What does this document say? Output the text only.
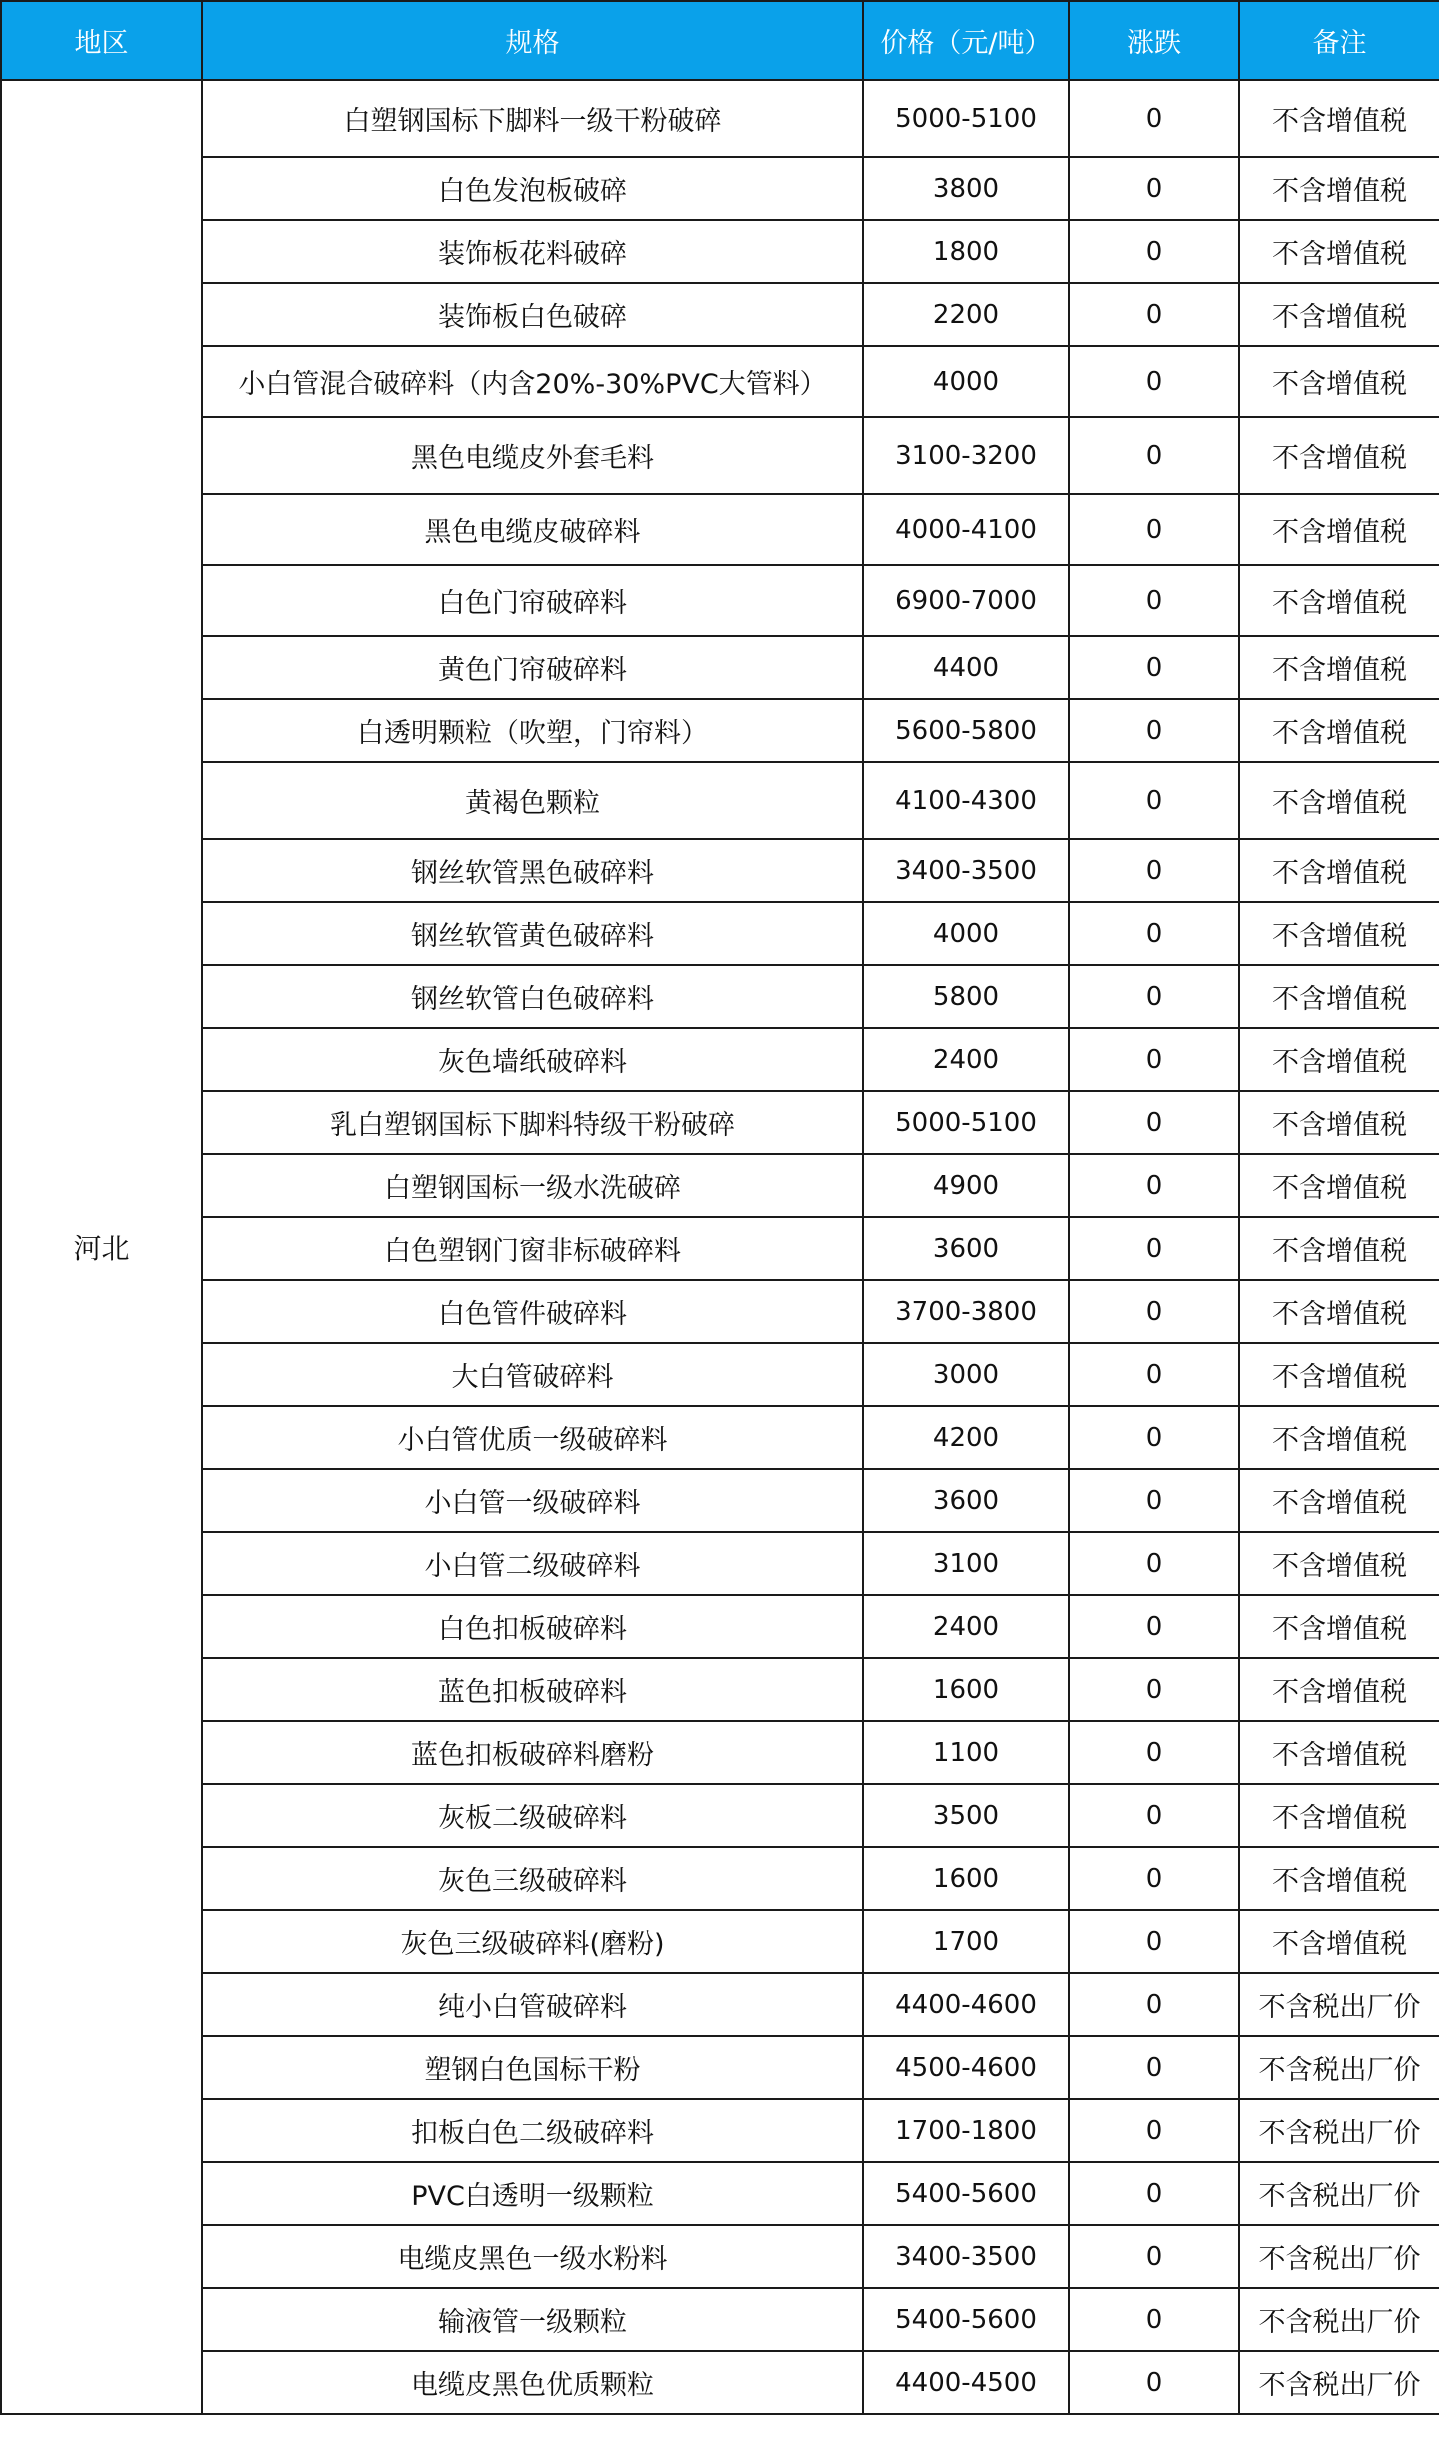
地区	规格	价格（元/吨）	涨跌	备注
河北	白塑钢国标下脚料一级干粉破碎	5000-5100	0	不含增值税
	白色发泡板破碎	3800	0	不含增值税
	装饰板花料破碎	1800	0	不含增值税
	装饰板白色破碎	2200	0	不含增值税
	小白管混合破碎料（内含20%-30%PVC大管料）	4000	0	不含增值税
	黑色电缆皮外套毛料	3100-3200	0	不含增值税
	黑色电缆皮破碎料	4000-4100	0	不含增值税
	白色门帘破碎料	6900-7000	0	不含增值税
	黄色门帘破碎料	4400	0	不含增值税
	白透明颗粒（吹塑，门帘料）	5600-5800	0	不含增值税
	黄褐色颗粒	4100-4300	0	不含增值税
	钢丝软管黑色破碎料	3400-3500	0	不含增值税
	钢丝软管黄色破碎料	4000	0	不含增值税
	钢丝软管白色破碎料	5800	0	不含增值税
	灰色墙纸破碎料	2400	0	不含增值税
	乳白塑钢国标下脚料特级干粉破碎	5000-5100	0	不含增值税
	白塑钢国标一级水洗破碎	4900	0	不含增值税
	白色塑钢门窗非标破碎料	3600	0	不含增值税
	白色管件破碎料	3700-3800	0	不含增值税
	大白管破碎料	3000	0	不含增值税
	小白管优质一级破碎料	4200	0	不含增值税
	小白管一级破碎料	3600	0	不含增值税
	小白管二级破碎料	3100	0	不含增值税
	白色扣板破碎料	2400	0	不含增值税
	蓝色扣板破碎料	1600	0	不含增值税
	蓝色扣板破碎料磨粉	1100	0	不含增值税
	灰板二级破碎料	3500	0	不含增值税
	灰色三级破碎料	1600	0	不含增值税
	灰色三级破碎料(磨粉)	1700	0	不含增值税
	纯小白管破碎料	4400-4600	0	不含税出厂价
	塑钢白色国标干粉	4500-4600	0	不含税出厂价
	扣板白色二级破碎料	1700-1800	0	不含税出厂价
	PVC白透明一级颗粒	5400-5600	0	不含税出厂价
	电缆皮黑色一级水粉料	3400-3500	0	不含税出厂价
	输液管一级颗粒	5400-5600	0	不含税出厂价
	电缆皮黑色优质颗粒	4400-4500	0	不含税出厂价
